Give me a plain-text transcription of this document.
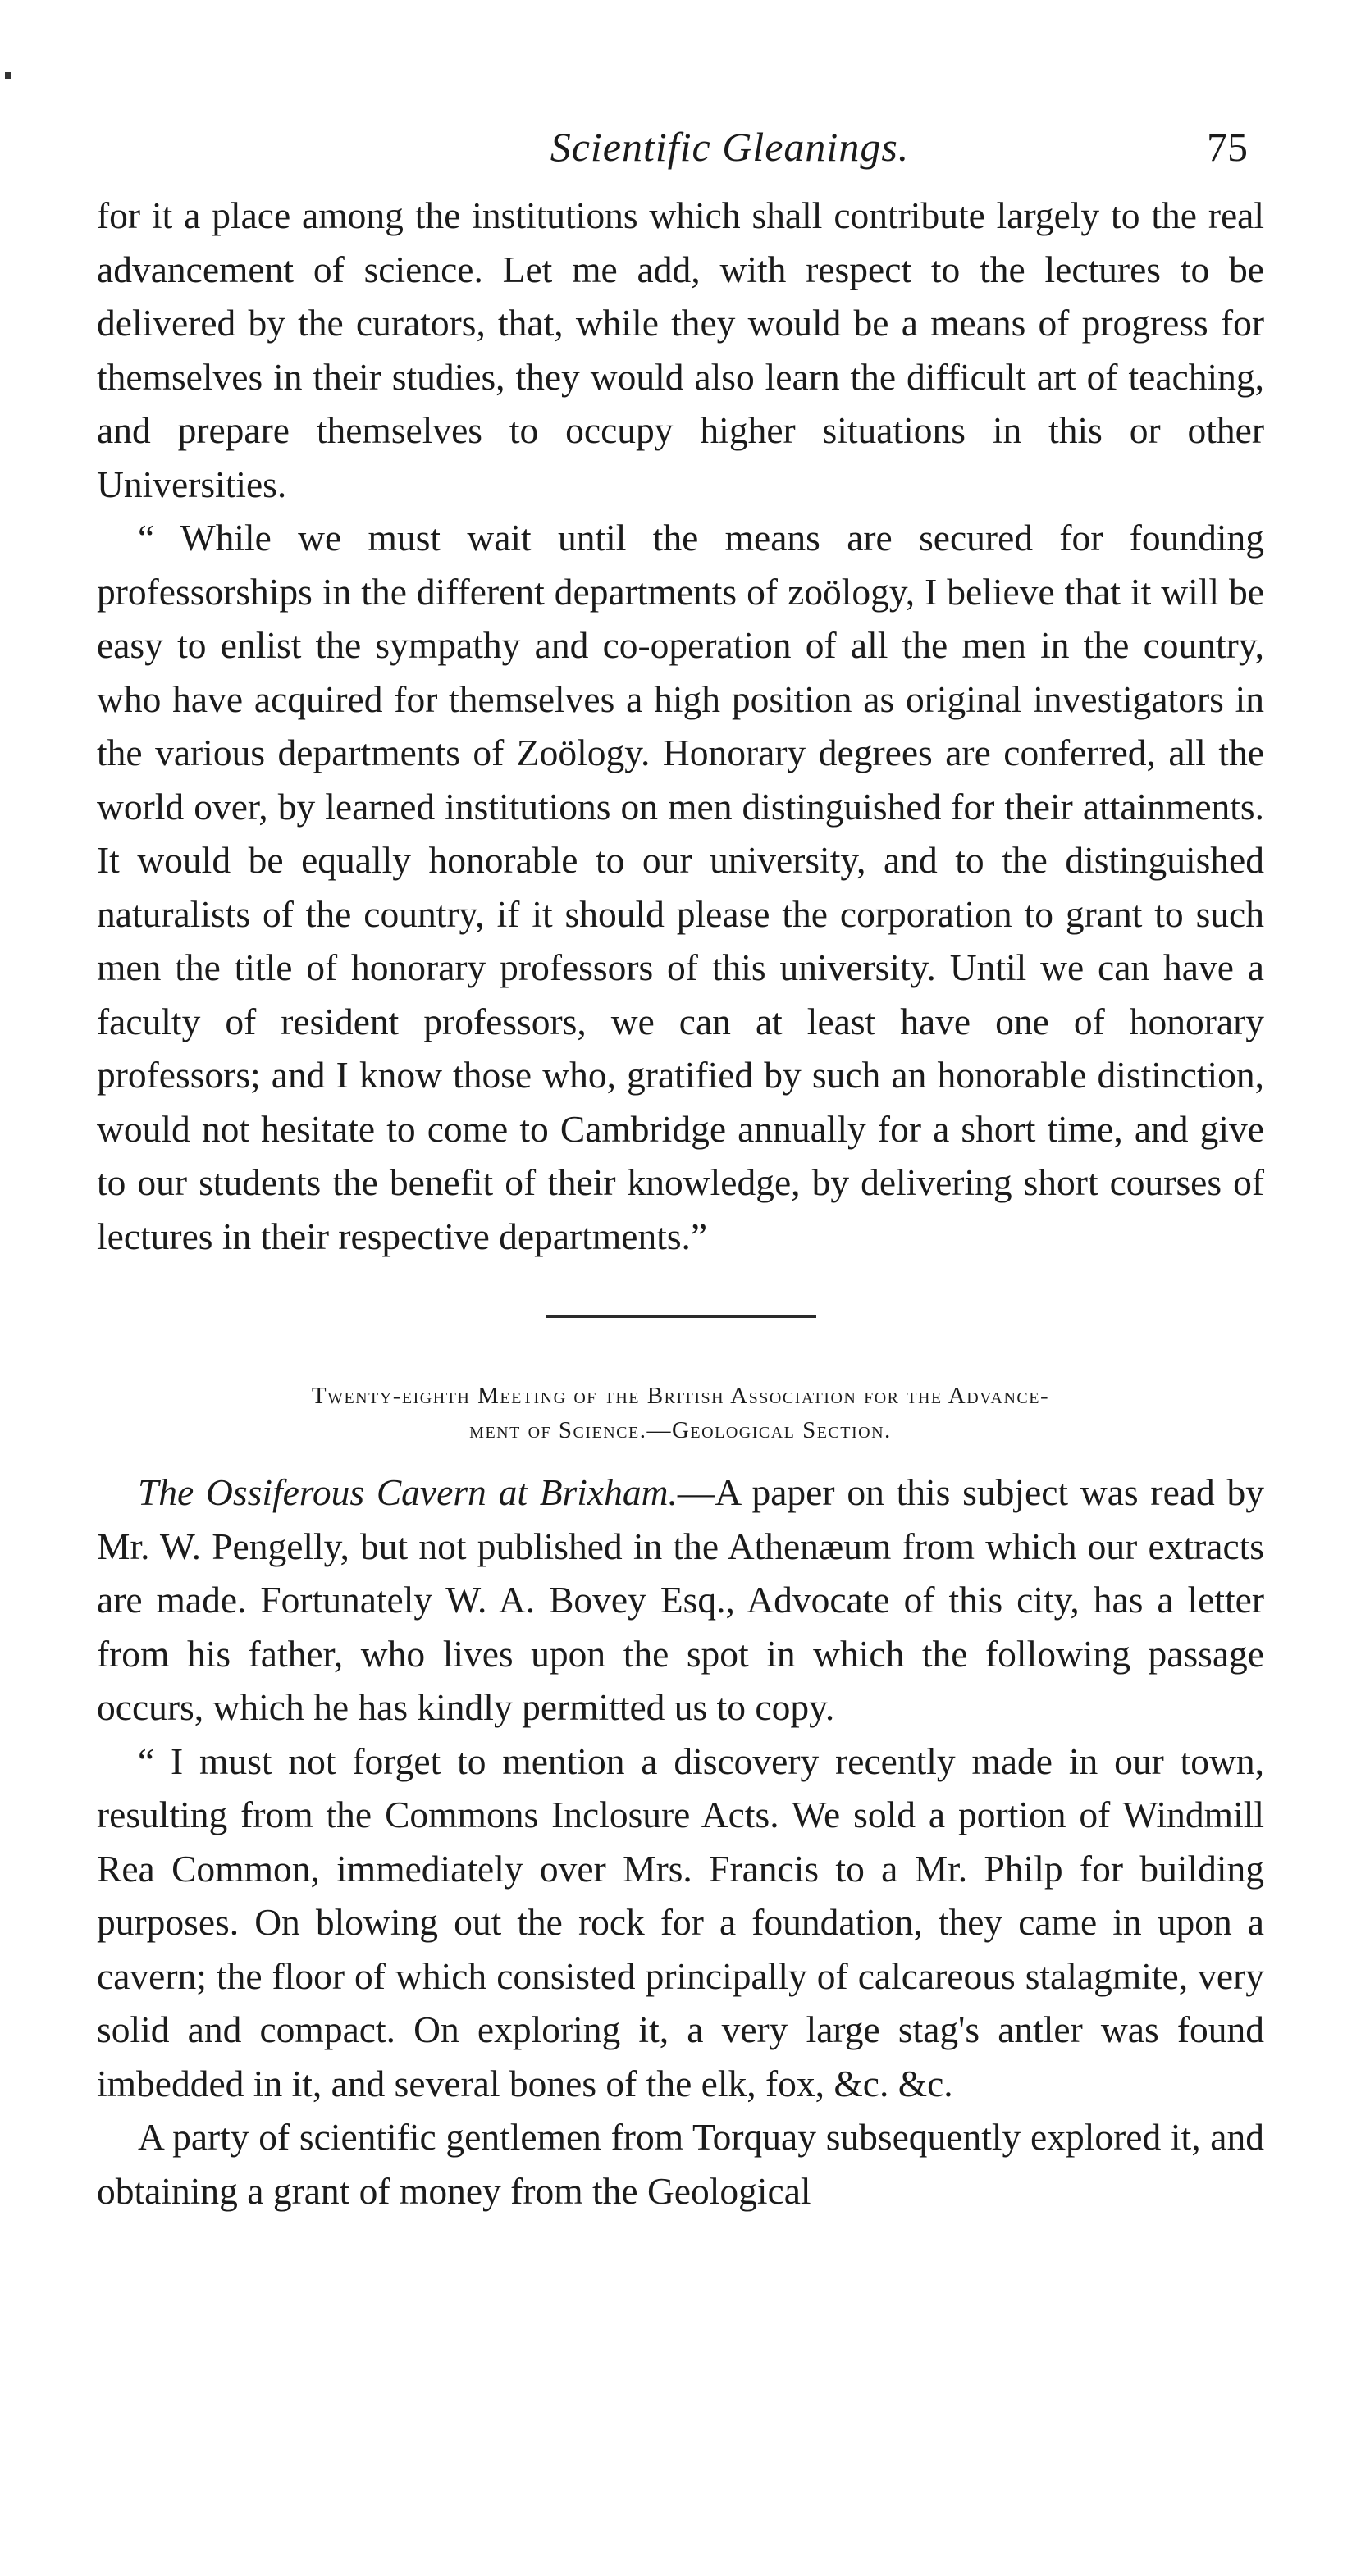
Scientific Gleanings.	75

for it a place among the institutions which shall contribute largely to the real advancement of science. Let me add, with respect to the lectures to be delivered by the curators, that, while they would be a means of progress for themselves in their studies, they would also learn the difficult art of teaching, and prepare themselves to occupy higher situations in this or other Universities.

“ While we must wait until the means are secured for founding professorships in the different departments of zoölogy, I believe that it will be easy to enlist the sympathy and co-operation of all the men in the country, who have acquired for themselves a high position as original investigators in the various departments of Zoölogy. Honorary degrees are conferred, all the world over, by learned institutions on men distinguished for their attainments. It would be equally honorable to our university, and to the distinguished naturalists of the country, if it should please the corporation to grant to such men the title of honorary professors of this university. Until we can have a faculty of resident professors, we can at least have one of honorary professors; and I know those who, gratified by such an honorable distinction, would not hesitate to come to Cambridge annually for a short time, and give to our students the benefit of their knowledge, by delivering short courses of lectures in their respective departments.”

Twenty-eighth Meeting of the British Association for the Advance-
ment of Science.—Geological Section.

The Ossiferous Cavern at Brixham.—A paper on this subject was read by Mr. W. Pengelly, but not published in the Athenæum from which our extracts are made. Fortunately W. A. Bovey Esq., Advocate of this city, has a letter from his father, who lives upon the spot in which the following passage occurs, which he has kindly permitted us to copy.

“ I must not forget to mention a discovery recently made in our town, resulting from the Commons Inclosure Acts. We sold a portion of Windmill Rea Common, immediately over Mrs. Francis to a Mr. Philp for building purposes. On blowing out the rock for a foundation, they came in upon a cavern; the floor of which consisted principally of calcareous stalagmite, very solid and compact. On exploring it, a very large stag's antler was found imbedded in it, and several bones of the elk, fox, &c. &c.

A party of scientific gentlemen from Torquay subsequently explored it, and obtaining a grant of money from the Geological
